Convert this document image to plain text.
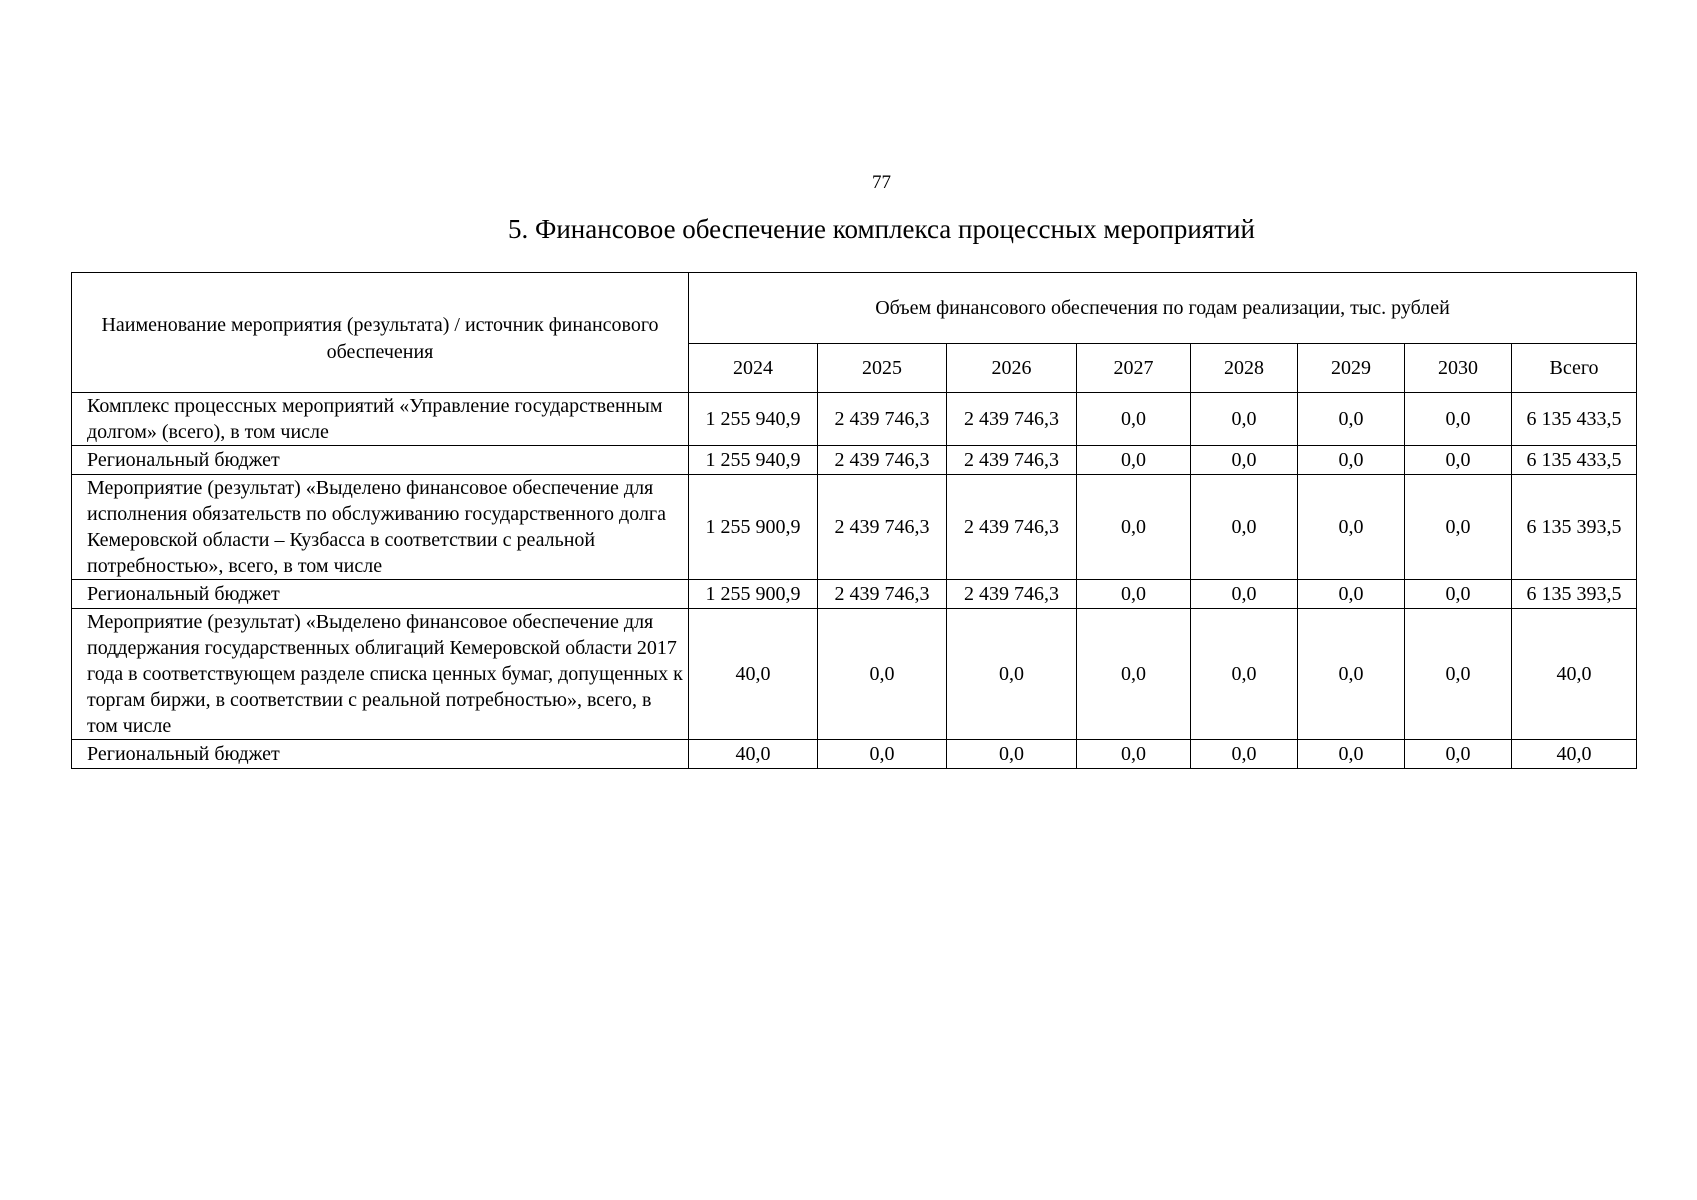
77
5. Финансовое обеспечение комплекса процессных мероприятий
Наименование мероприятия (результата) / источник финансового обеспечения	Объем финансового обеспечения по годам реализации, тыс. рублей							
	2024	2025	2026	2027	2028	2029	2030	Всего
Комплекс процессных мероприятий «Управление государственным долгом» (всего), в том числе	1 255 940,9	2 439 746,3	2 439 746,3	0,0	0,0	0,0	0,0	6 135 433,5
Региональный бюджет	1 255 940,9	2 439 746,3	2 439 746,3	0,0	0,0	0,0	0,0	6 135 433,5
Мероприятие (результат) «Выделено финансовое обеспечение для исполнения обязательств по обслуживанию государственного долга Кемеровской области – Кузбасса в соответствии с реальной потребностью», всего, в том числе	1 255 900,9	2 439 746,3	2 439 746,3	0,0	0,0	0,0	0,0	6 135 393,5
Региональный бюджет	1 255 900,9	2 439 746,3	2 439 746,3	0,0	0,0	0,0	0,0	6 135 393,5
Мероприятие (результат) «Выделено финансовое обеспечение для поддержания государственных облигаций Кемеровской области 2017 года в соответствующем разделе списка ценных бумаг, допущенных к торгам биржи, в соответствии с реальной потребностью», всего, в том числе	40,0	0,0	0,0	0,0	0,0	0,0	0,0	40,0
Региональный бюджет	40,0	0,0	0,0	0,0	0,0	0,0	0,0	40,0
